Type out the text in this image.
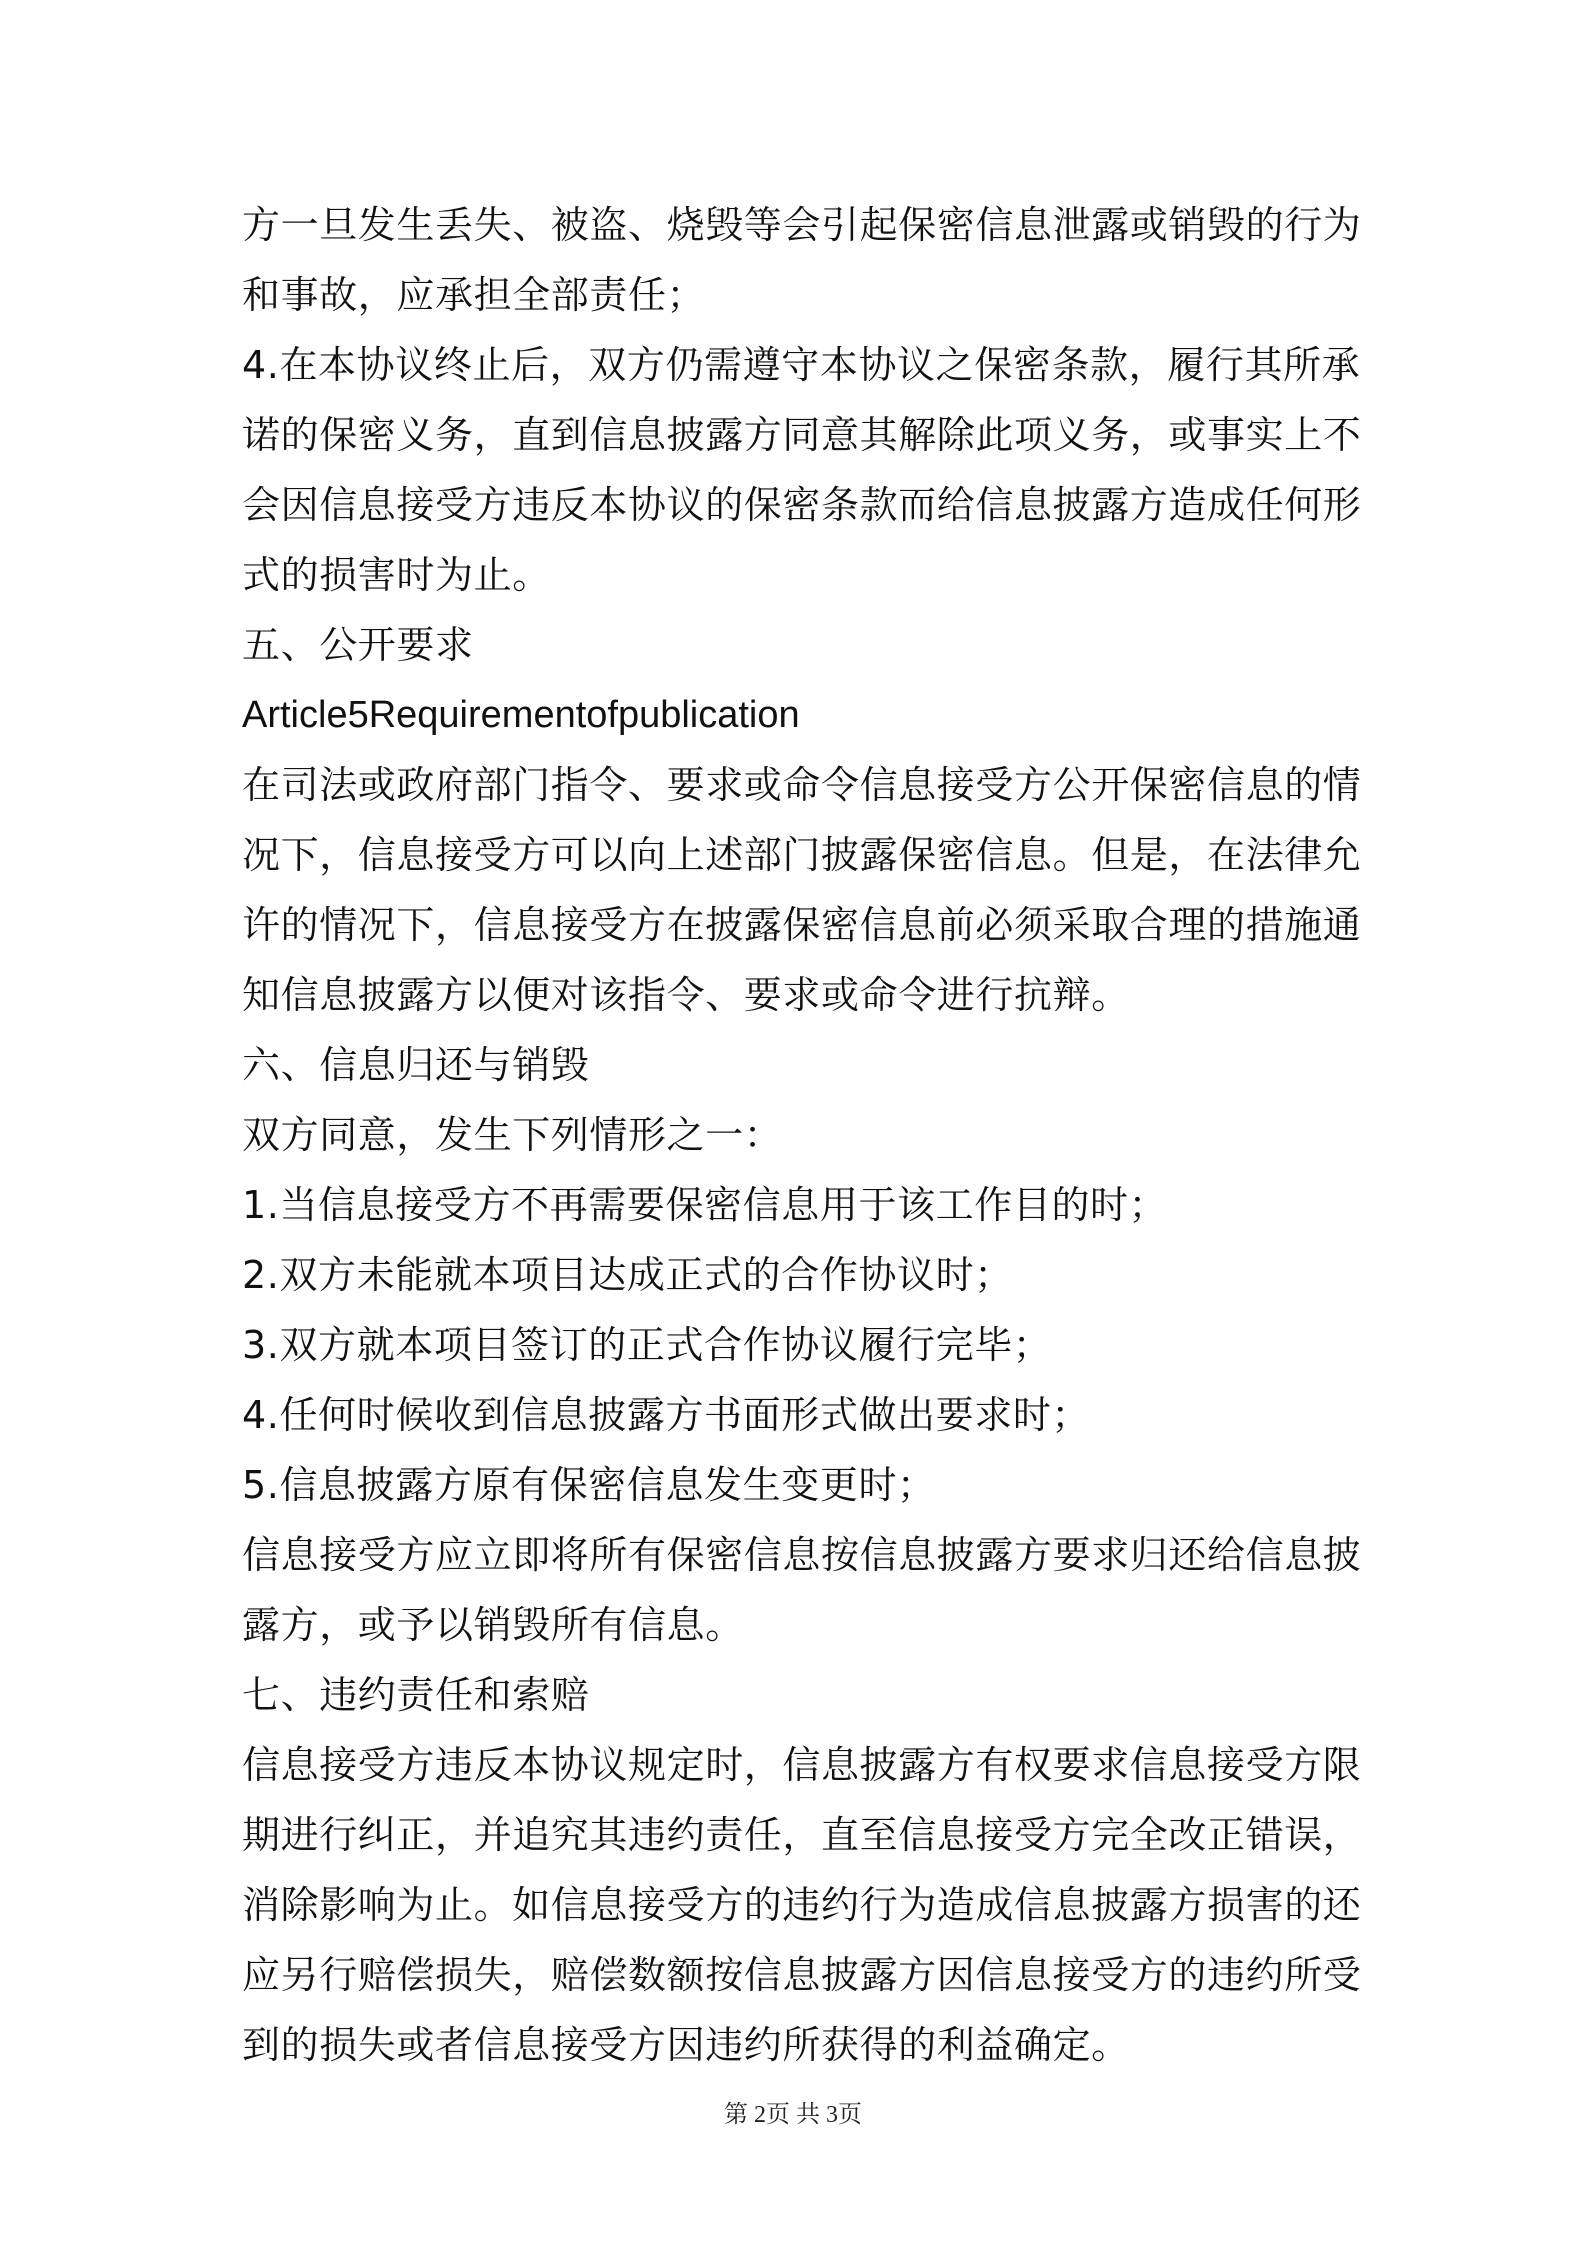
方一旦发生丢失、被盗、烧毁等会引起保密信息泄露或销毁的行为
和事故，应承担全部责任；
4.在本协议终止后，双方仍需遵守本协议之保密条款，履行其所承
诺的保密义务，直到信息披露方同意其解除此项义务，或事实上不
会因信息接受方违反本协议的保密条款而给信息披露方造成任何形
式的损害时为止。
五、公开要求
Article5Requirementofpublication
在司法或政府部门指令、要求或命令信息接受方公开保密信息的情
况下，信息接受方可以向上述部门披露保密信息。但是，在法律允
许的情况下，信息接受方在披露保密信息前必须采取合理的措施通
知信息披露方以便对该指令、要求或命令进行抗辩。
六、信息归还与销毁
双方同意，发生下列情形之一：
1.当信息接受方不再需要保密信息用于该工作目的时；
2.双方未能就本项目达成正式的合作协议时；
3.双方就本项目签订的正式合作协议履行完毕；
4.任何时候收到信息披露方书面形式做出要求时；
5.信息披露方原有保密信息发生变更时；
信息接受方应立即将所有保密信息按信息披露方要求归还给信息披
露方，或予以销毁所有信息。
七、违约责任和索赔
信息接受方违反本协议规定时，信息披露方有权要求信息接受方限
期进行纠正，并追究其违约责任，直至信息接受方完全改正错误，
消除影响为止。如信息接受方的违约行为造成信息披露方损害的还
应另行赔偿损失，赔偿数额按信息披露方因信息接受方的违约所受
到的损失或者信息接受方因违约所获得的利益确定。
第 2页 共 3页
